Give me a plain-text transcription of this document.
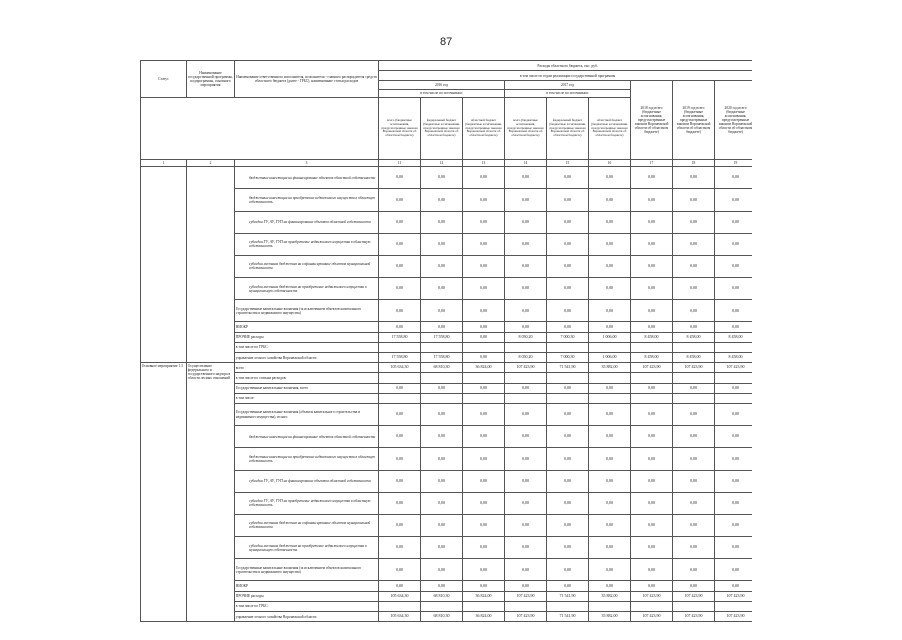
87
Статус	Наименование государственной программы, подпрограммы, основного мероприятия	Наименование ответственного исполнителя, исполнителя - главного распорядителя средств областного бюджета (далее - ГРБС), наименование статьи расходов	Расходы областного бюджета, тыс. руб.								
			в том числе по годам реализации государственной программы								
			2016 год			2017 год			2018 год всего (бюджетные ассигнования, предусмотренные законом Воронежской области об областном бюджете)	2019 год всего (бюджетные ассигнования, предусмотренные законом Воронежской области об областном бюджете)	2020 год всего (бюджетные ассигнования, предусмотренные законом Воронежской области об областном бюджете)
			в том числе по источникам:			в том числе по источникам:					
			всего (бюджетные ассигнования, предусмотренные законом Воронежской области об областном бюджете)	федеральный бюджет (бюджетные ассигнования, предусмотренные законом Воронежской области об областном бюджете)	областной бюджет (бюджетные ассигнования, предусмотренные законом Воронежской области об областном бюджете)	всего (бюджетные ассигнования, предусмотренные законом Воронежской области об областном бюджете)	федеральный бюджет (бюджетные ассигнования, предусмотренные законом Воронежской области об областном бюджете)	областной бюджет (бюджетные ассигнования, предусмотренные законом Воронежской области об областном бюджете)			
1	2	3	11	12	13	14	15	16	17	18	19
		бюджетные инвестиции на финансирование объектов областной собственности	0,00	0,00	0,00	0,00	0,00	0,00	0,00	0,00	0,00
		бюджетные инвестиции на приобретение недвижимого имущества в областную собственность	0,00	0,00	0,00	0,00	0,00	0,00	0,00	0,00	0,00
		субсидии ГУ, АУ, ГУП на финансирование объектов областной собственности	0,00	0,00	0,00	0,00	0,00	0,00	0,00	0,00	0,00
		субсидии ГУ, АУ, ГУП на приобретение недвижимого имущества в областную собственность	0,00	0,00	0,00	0,00	0,00	0,00	0,00	0,00	0,00
		субсидии местным бюджетам на софинансирование объектов муниципальной собственности	0,00	0,00	0,00	0,00	0,00	0,00	0,00	0,00	0,00
		субсидии местным бюджетам на приобретение недвижимого имущества в муниципальную собственность	0,00	0,00	0,00	0,00	0,00	0,00	0,00	0,00	0,00
		Государственные капитальные вложения (за исключением объектов капитального строительства и недвижимого имущества)	0,00	0,00	0,00	0,00	0,00	0,00	0,00	0,00	0,00
		НИОКР	0,00	0,00	0,00	0,00	0,00	0,00	0,00	0,00	0,00
		ПРОЧИЕ расходы	17 558,80	17 558,80	0,00	8 050,20	7 000,30	1 006,00	8 458,00	8 458,00	8 458,00
		в том числе по ГРБС:									
		управление лесного хозяйства Воронежской области	17 558,80	17 558,80	0,00	8 050,20	7 000,30	1 006,00	8 458,00	8 458,00	8 458,00
Основное мероприятие 1.3	Осуществление федерального и государственного надзора в области лесных отношений	всего	105 634,30	68 810,30	36 824,00	107 423,90	71 541,90	35 882,00	107 423,90	107 423,90	107 423,90
		в том числе по статьям расходов:									
		Государственные капитальные вложения, всего	0,00	0,00	0,00	0,00	0,00	0,00	0,00	0,00	0,00
		в том числе:									
		Государственные капитальные вложения (объекты капитального строительства и недвижимого имущества), из них:	0,00	0,00	0,00	0,00	0,00	0,00	0,00	0,00	0,00
		бюджетные инвестиции на финансирование объектов областной собственности	0,00	0,00	0,00	0,00	0,00	0,00	0,00	0,00	0,00
		бюджетные инвестиции на приобретение недвижимого имущества в областную собственность	0,00	0,00	0,00	0,00	0,00	0,00	0,00	0,00	0,00
		субсидии ГУ, АУ, ГУП на финансирование объектов областной собственности	0,00	0,00	0,00	0,00	0,00	0,00	0,00	0,00	0,00
		субсидии ГУ, АУ, ГУП на приобретение недвижимого имущества в областную собственность	0,00	0,00	0,00	0,00	0,00	0,00	0,00	0,00	0,00
		субсидии местным бюджетам на софинансирование объектов муниципальной собственности	0,00	0,00	0,00	0,00	0,00	0,00	0,00	0,00	0,00
		субсидии местным бюджетам на приобретение недвижимого имущества в муниципальную собственность	0,00	0,00	0,00	0,00	0,00	0,00	0,00	0,00	0,00
		Государственные капитальные вложения (за исключением объектов капитального строительства и недвижимого имущества)	0,00	0,00	0,00	0,00	0,00	0,00	0,00	0,00	0,00
		НИОКР	0,00	0,00	0,00	0,00	0,00	0,00	0,00	0,00	0,00
		ПРОЧИЕ расходы	105 634,30	68 810,30	36 824,00	107 423,90	71 541,90	35 882,00	107 423,90	107 423,90	107 423,90
		в том числе по ГРБС:									
		управление лесного хозяйства Воронежской области	105 634,30	68 810,30	36 824,00	107 423,90	71 541,90	35 882,00	107 423,90	107 423,90	107 423,90
